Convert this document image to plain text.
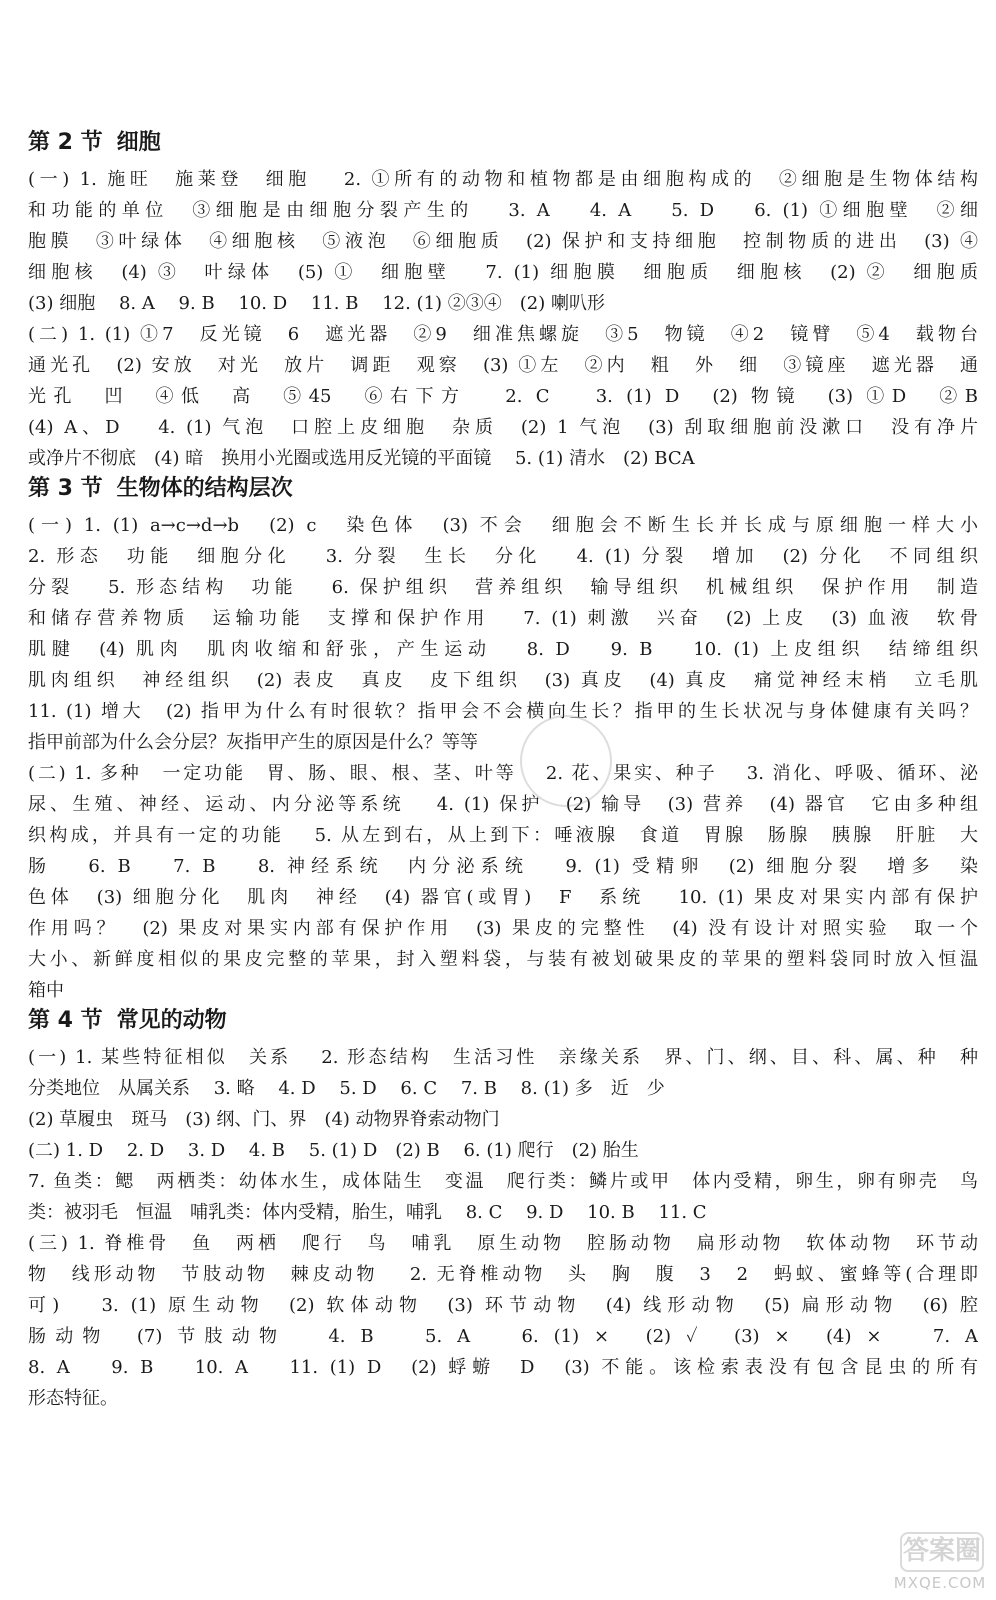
第 2 节 细胞
(一) 1. 施旺　施莱登　细胞　 2. ①所有的动物和植物都是由细胞构成的　②细胞是生物体结构
和功能的单位　③细胞是由细胞分裂产生的　 3. A　 4. A　 5. D　 6. (1) ①细胞壁　②细
胞膜　③叶绿体　④细胞核　⑤液泡　⑥细胞质　(2) 保护和支持细胞　控制物质的进出　(3) ④
细胞核　(4) ③　叶绿体　(5) ①　细胞壁　 7. (1) 细胞膜　细胞质　细胞核　(2) ②　细胞质
(3) 细胞　 8. A　 9. B　 10. D　 11. B　 12. (1) ②③④　(2) 喇叭形
(二) 1. (1) ①7　反光镜　6　遮光器　②9　细准焦螺旋　③5　物镜　④2　镜臂　⑤4　载物台
通光孔　(2) 安放　对光　放片　调距　观察　(3) ①左　②内　粗　外　细　③镜座　遮光器　通
光孔　凹　④低　高　⑤45　⑥右下方　 2. C　 3. (1) D　(2) 物镜　(3) ①D　②B
(4) A、D　 4. (1) 气泡　口腔上皮细胞　杂质　(2) 1 气泡　(3) 刮取细胞前没漱口　没有净片
或净片不彻底　(4) 暗　换用小光圈或选用反光镜的平面镜　 5. (1) 清水　(2) BCA
第 3 节 生物体的结构层次
(一) 1. (1) a→c→d→b　(2) c　染色体　(3) 不会　细胞会不断生长并长成与原细胞一样大小
2. 形态　功能　细胞分化　 3. 分裂　生长　分化　 4. (1) 分裂　增加　(2) 分化　不同组织
分裂　 5. 形态结构　功能　 6. 保护组织　营养组织　输导组织　机械组织　保护作用　制造
和储存营养物质　运输功能　支撑和保护作用　 7. (1) 刺激　兴奋　(2) 上皮　(3) 血液　软骨
肌腱　(4) 肌肉　肌肉收缩和舒张，产生运动　 8. D　 9. B　 10. (1) 上皮组织　结缔组织
肌肉组织　神经组织　(2) 表皮　真皮　皮下组织　(3) 真皮　(4) 真皮　痛觉神经末梢　立毛肌
11. (1) 增大　(2) 指甲为什么有时很软？指甲会不会横向生长？指甲的生长状况与身体健康有关吗？
指甲前部为什么会分层？灰指甲产生的原因是什么？等等
(二) 1. 多种　一定功能　胃、肠、眼、根、茎、叶等　 2. 花、果实、种子　 3. 消化、呼吸、循环、泌
尿、生殖、神经、运动、内分泌等系统　 4. (1) 保护　(2) 输导　(3) 营养　(4) 器官　它由多种组
织构成，并具有一定的功能　 5. 从左到右，从上到下：唾液腺　食道　胃腺　肠腺　胰腺　肝脏　大
肠　 6. B　 7. B　 8. 神经系统　内分泌系统　 9. (1) 受精卵　(2) 细胞分裂　增多　染
色体　(3) 细胞分化　肌肉　神经　(4) 器官(或胃)　F　系统　 10. (1) 果皮对果实内部有保护
作用吗？　(2) 果皮对果实内部有保护作用　(3) 果皮的完整性　(4) 没有设计对照实验　取一个
大小、新鲜度相似的果皮完整的苹果，封入塑料袋，与装有被划破果皮的苹果的塑料袋同时放入恒温
箱中
第 4 节 常见的动物
(一) 1. 某些特征相似　关系　 2. 形态结构　生活习性　亲缘关系　界、门、纲、目、科、属、种　种
分类地位　从属关系　 3. 略　 4. D　 5. D　 6. C　 7. B　 8. (1) 多　近　少
(2) 草履虫　斑马　(3) 纲、门、界　(4) 动物界脊索动物门
(二) 1. D　 2. D　 3. D　 4. B　 5. (1) D　(2) B　 6. (1) 爬行　(2) 胎生
7. 鱼类：鳃　两栖类：幼体水生，成体陆生　变温　爬行类：鳞片或甲　体内受精，卵生，卵有卵壳　鸟
类：被羽毛　恒温　哺乳类：体内受精，胎生，哺乳　 8. C　 9. D　 10. B　 11. C
(三) 1. 脊椎骨　鱼　两栖　爬行　鸟　哺乳　原生动物　腔肠动物　扁形动物　软体动物　环节动
物　线形动物　节肢动物　棘皮动物　 2. 无脊椎动物　头　胸　腹　3　2　蚂蚁、蜜蜂等(合理即
可)　 3. (1) 原生动物　(2) 软体动物　(3) 环节动物　(4) 线形动物　(5) 扁形动物　(6) 腔
肠动物　(7) 节肢动物　 4. B　 5. A　 6. (1) ×　(2) ✓　(3) ×　(4) ×　 7. A
8. A　 9. B　 10. A　 11. (1) D　(2) 蜉蝣　D　(3) 不能。该检索表没有包含昆虫的所有
形态特征。
答案圈
MXQE.COM
